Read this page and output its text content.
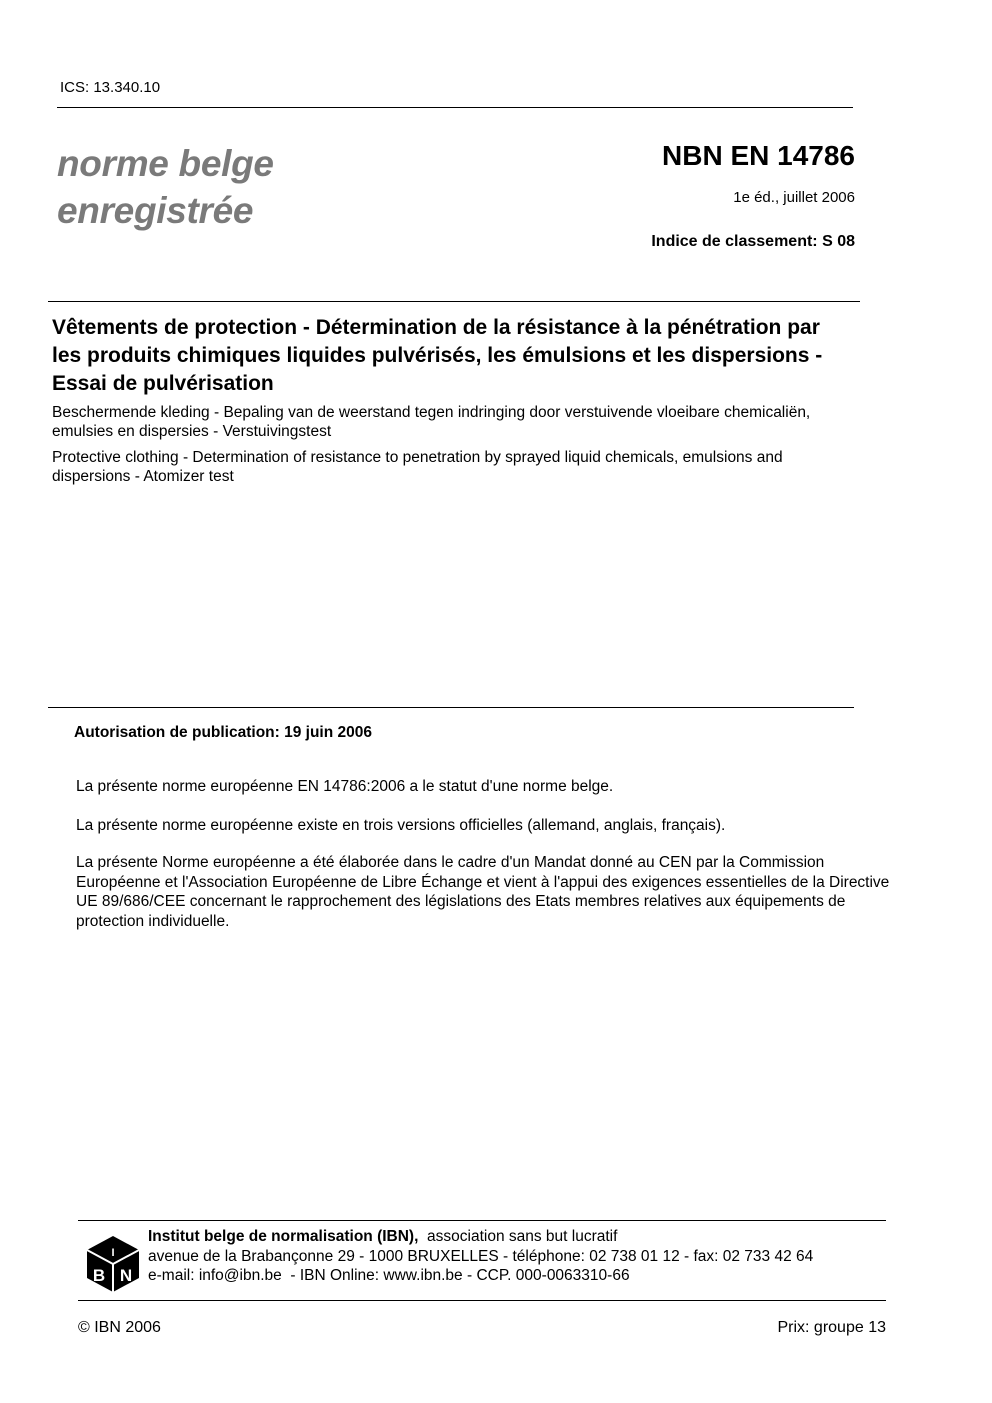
ICS: 13.340.10
norme belge
enregistrée
NBN EN 14786
1e éd., juillet 2006
Indice de classement: S 08
Vêtements de protection - Détermination de la résistance à la pénétration par les produits chimiques liquides pulvérisés, les émulsions et les dispersions - Essai de pulvérisation
Beschermende kleding - Bepaling van de weerstand tegen indringing door verstuivende vloeibare chemicaliën, emulsies en dispersies - Verstuivingstest
Protective clothing - Determination of resistance to penetration by sprayed liquid chemicals, emulsions and dispersions - Atomizer test
Autorisation de publication: 19 juin 2006
La présente norme européenne EN 14786:2006 a le statut d'une norme belge.
La présente norme européenne existe en trois versions officielles (allemand, anglais, français).
La présente Norme européenne a été élaborée dans le cadre d'un Mandat donné au CEN par la Commission Européenne et l'Association Européenne de Libre Échange et vient à l'appui des exigences essentielles de la Directive UE 89/686/CEE concernant le rapprochement des législations des Etats membres relatives aux équipements de protection individuelle.
I
B N
Institut belge de normalisation (IBN), association sans but lucratif
avenue de la Brabançonne 29 - 1000 BRUXELLES - téléphone: 02 738 01 12 - fax: 02 733 42 64
e-mail: info@ibn.be  - IBN Online: www.ibn.be - CCP. 000-0063310-66
© IBN 2006	Prix: groupe 13
